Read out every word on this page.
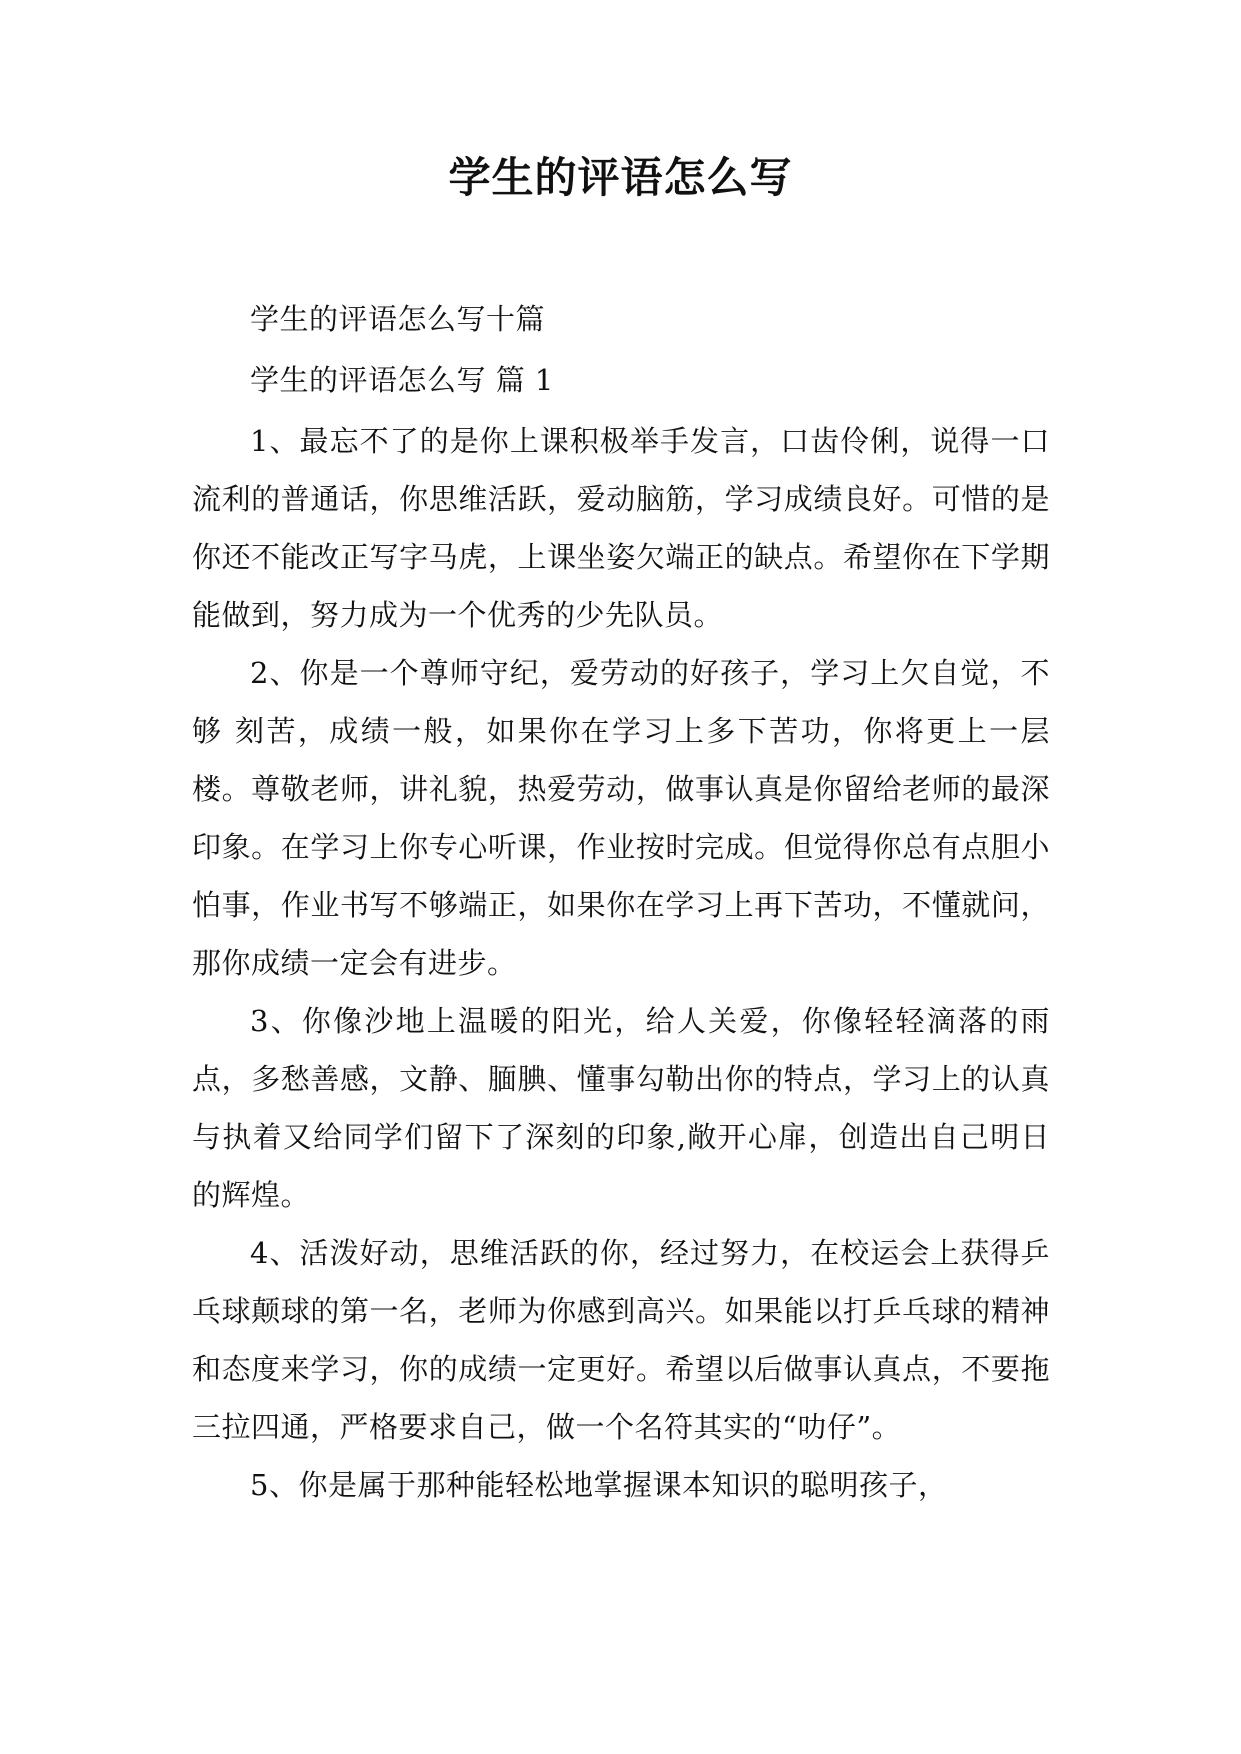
学生的评语怎么写

学生的评语怎么写十篇

学生的评语怎么写 篇 1

1、最忘不了的是你上课积极举手发言，口齿伶俐，说得一口流利的普通话，你思维活跃，爱动脑筋，学习成绩良好。可惜的是你还不能改正写字马虎，上课坐姿欠端正的缺点。希望你在下学期能做到，努力成为一个优秀的少先队员。

2、你是一个尊师守纪，爱劳动的好孩子，学习上欠自觉，不够 刻苦，成绩一般，如果你在学习上多下苦功，你将更上一层楼。尊敬老师，讲礼貌，热爱劳动，做事认真是你留给老师的最深印象。在学习上你专心听课，作业按时完成。但觉得你总有点胆小怕事，作业书写不够端正，如果你在学习上再下苦功，不懂就问，那你成绩一定会有进步。

3、你像沙地上温暖的阳光，给人关爱，你像轻轻滴落的雨点，多愁善感，文静、腼腆、懂事勾勒出你的特点，学习上的认真与执着又给同学们留下了深刻的印象,敞开心扉，创造出自己明日的辉煌。

4、活泼好动，思维活跃的你，经过努力，在校运会上获得乒乓球颠球的第一名，老师为你感到高兴。如果能以打乒乓球的精神和态度来学习，你的成绩一定更好。希望以后做事认真点，不要拖三拉四通，严格要求自己，做一个名符其实的“叻仔”。

5、你是属于那种能轻松地掌握课本知识的聪明孩子，
